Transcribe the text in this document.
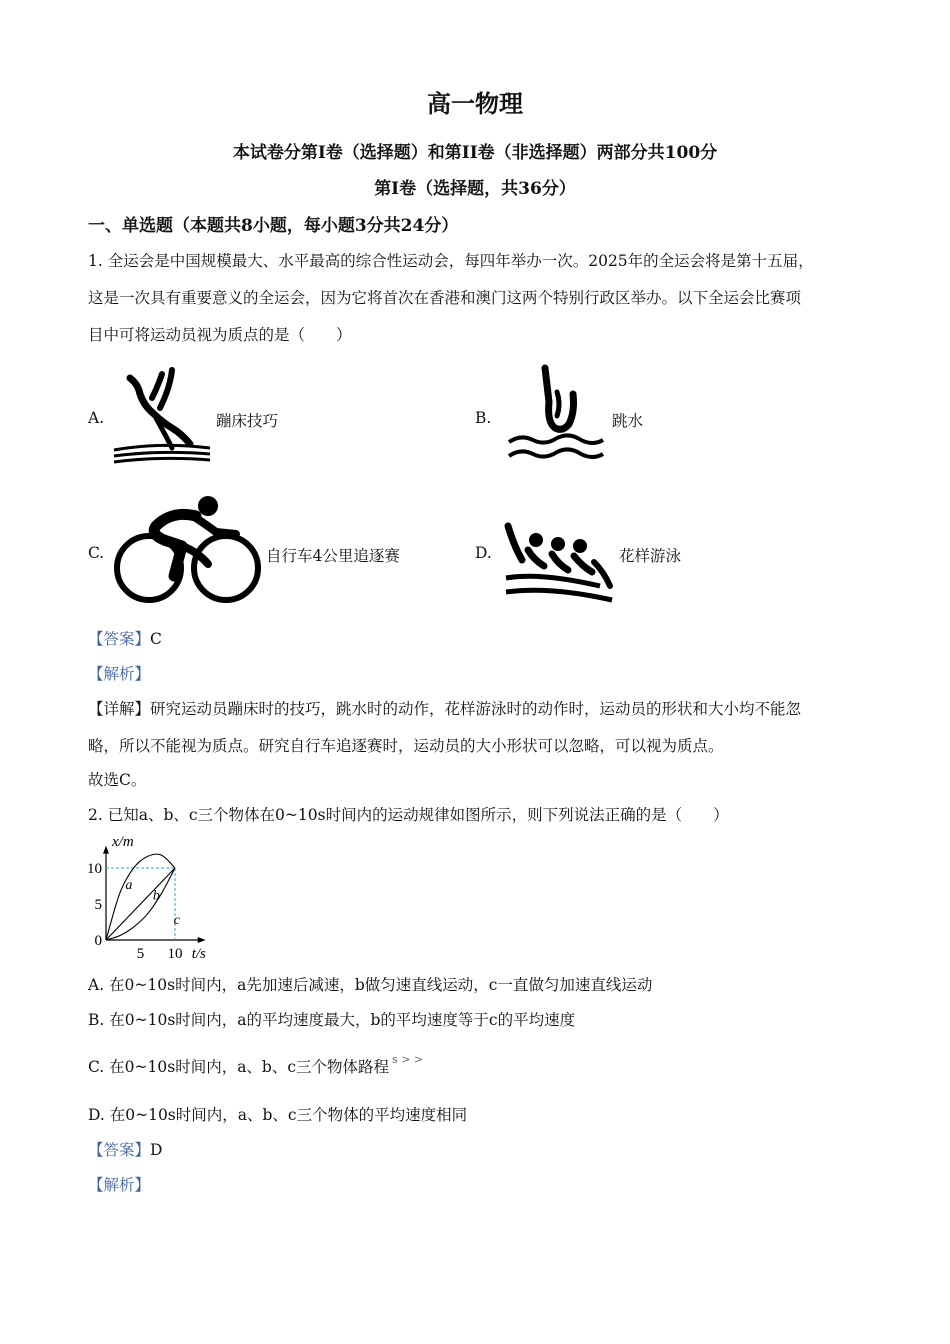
高一物理
本试卷分第I卷（选择题）和第II卷（非选择题）两部分共100分
第I卷（选择题，共36分）
一、单选题（本题共8小题，每小题3分共24分）
1. 全运会是中国规模最大、水平最高的综合性运动会，每四年举办一次。2025年的全运会将是第十五届，
这是一次具有重要意义的全运会，因为它将首次在香港和澳门这两个特别行政区举办。以下全运会比赛项
目中可将运动员视为质点的是（　　）
A.	蹦床技巧	B.	跳水
C.	自行车4公里追逐赛	D.	花样游泳
【答案】C
【解析】
【详解】研究运动员蹦床时的技巧，跳水时的动作，花样游泳时的动作时，运动员的形状和大小均不能忽
略，所以不能视为质点。研究自行车追逐赛时，运动员的大小形状可以忽略，可以视为质点。
故选C。
2. 已知a、b、c三个物体在0~10s时间内的运动规律如图所示，则下列说法正确的是（　　）
a
b
c
0
5
10
5 10
x/m
t/s
A. 在0~10s时间内，a先加速后减速，b做匀速直线运动，c一直做匀加速直线运动
B. 在0~10s时间内，a的平均速度最大，b的平均速度等于c的平均速度
C. 在0~10s时间内，a、b、c三个物体路程 $^{s > >}$
D. 在0~10s时间内，a、b、c三个物体的平均速度相同
【答案】D
【解析】
